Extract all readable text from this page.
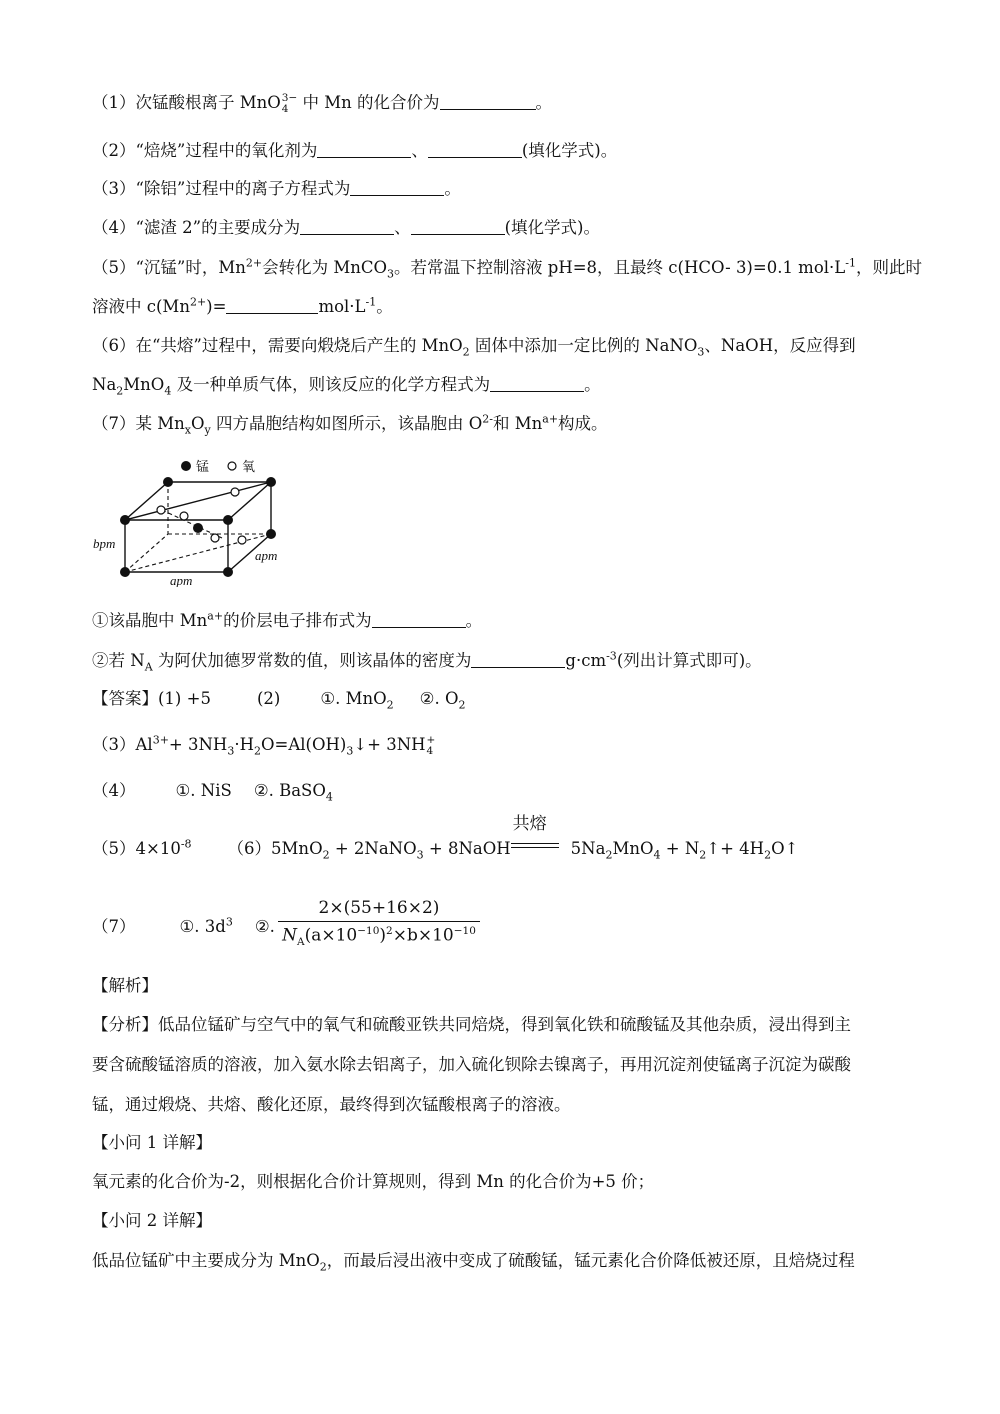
（1）次锰酸根离子 MnO 3−
4 中 Mn 的化合价为	。
（2）“焙烧”过程中的氧化剂为	、	(填化学式)。
（3）“除铝”过程中的离子方程式为	。
（4）“滤渣 2”的主要成分为	、	(填化学式)。
（5）“沉锰”时，$Mn^{2+}$会转化为 MnCO$_3$。若常温下控制溶液 pH=8，且最终 c(HCO- 3)=0.1 $mol\cdot L^{-1}$，则此时
溶液中 $c(Mn^{2+})=$	$mol\cdot L^{-1}$。
（6）在“共熔”过程中，需要向煅烧后产生的 MnO$_2$ 固体中添加一定比例的 NaNO$_3$、NaOH，反应得到
$Na_2MnO_4$ 及一种单质气体，则该反应的化学方程式为	。
（7）某 $Mn_xO_y$ 四方晶胞结构如图所示，该晶胞由 $O^{2-}$和 $Mn^{a+}$构成。
锰	氧
bpm
apm
apm
①该晶胞中 $Mn^{a+}$的价层电子排布式为	。
②若 $N_A$ 为阿伏加德罗常数的值，则该晶体的密度为	$g\cdot cm^{-3}$(列出计算式即可)。
【答案】(1) +5	(2) ①. MnO$_2$ ②. $O_2$
$(3)Al^{3+}+$ $3NH_3\cdot H_2O=Al(OH)_3↓+ 3NH$ +
4
（4） ①. NiS ②. BaSO$_4$
$(5)4\times 10^{-8}$ （6）5MnO$_2$ + 2NaNO$_3$ + 8NaOH
共熔
$5Na_2MnO_4$ + $N_2↑+$ $4H_2O↑$
（7）	①. $3d^3$ ②. $\frac{2\times(55+16\times 2)}{N_A(a\times 10^{-10})^2\times b\times 10^{-10}}$
【解析】
【分析】低品位锰矿与空气中的氧气和硫酸亚铁共同焙烧，得到氧化铁和硫酸锰及其他杂质，浸出得到主
要含硫酸锰溶质的溶液，加入氨水除去铝离子，加入硫化钡除去镍离子，再用沉淀剂使锰离子沉淀为碳酸
锰，通过煅烧、共熔、酸化还原，最终得到次锰酸根离子的溶液。
【小问 1 详解】
氧元素的化合价为-2，则根据化合价计算规则，得到 Mn 的化合价为+5 价；
【小问 2 详解】
低品位锰矿中主要成分为 MnO$_2$，而最后浸出液中变成了硫酸锰，锰元素化合价降低被还原，且焙烧过程
